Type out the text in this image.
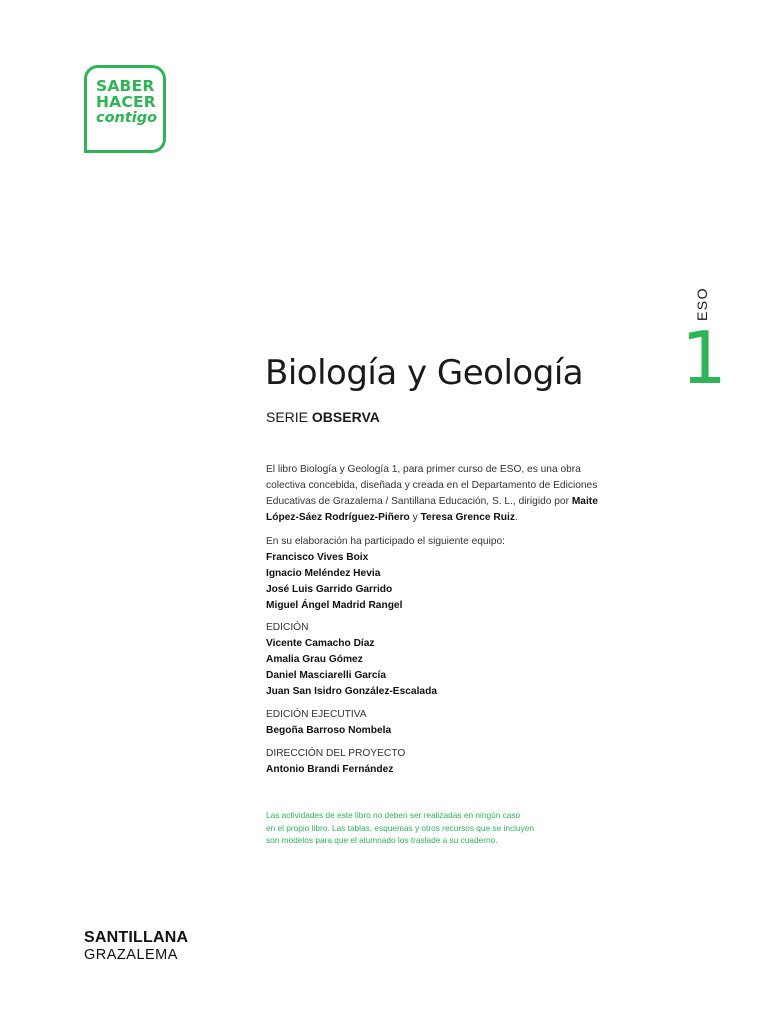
SABER
HACER
contigo
ESO
1
Biología y Geología
SERIE OBSERVA
El libro Biología y Geología 1, para primer curso de ESO, es una obra colectiva concebida, diseñada y creada en el Departamento de Ediciones Educativas de Grazalema / Santillana Educación, S. L., dirigido por Maite López-Sáez Rodríguez-Piñero y Teresa Grence Ruiz.
En su elaboración ha participado el siguiente equipo:
Francisco Vives Boix
Ignacio Meléndez Hevia
José Luis Garrido Garrido
Miguel Ángel Madrid Rangel
EDICIÓN
Vicente Camacho Díaz
Amalia Grau Gómez
Daniel Masciarelli García
Juan San Isidro González-Escalada
EDICIÓN EJECUTIVA
Begoña Barroso Nombela
DIRECCIÓN DEL PROYECTO
Antonio Brandi Fernández
Las actividades de este libro no deben ser realizadas en ningún caso
en el propio libro. Las tablas, esquemas y otros recursos que se incluyen
son modelos para que el alumnado los traslade a su cuaderno.
SANTILLANA
GRAZALEMA
